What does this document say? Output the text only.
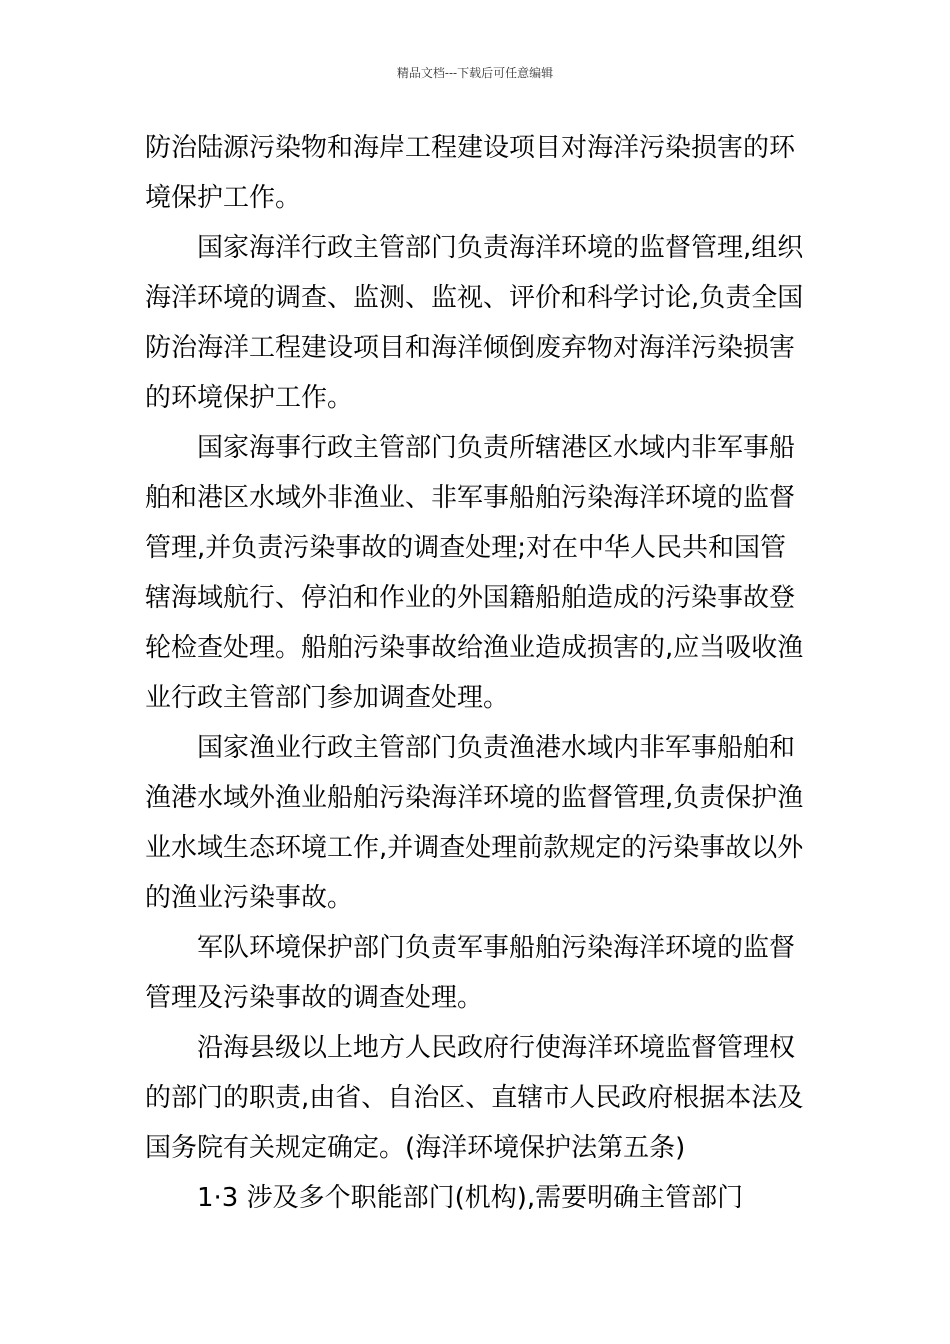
精品文档---下载后可任意编辑
防治陆源污染物和海岸工程建设项目对海洋污染损害的环
境保护工作。
国家海洋行政主管部门负责海洋环境的监督管理,组织
海洋环境的调查、监测、监视、评价和科学讨论,负责全国
防治海洋工程建设项目和海洋倾倒废弃物对海洋污染损害
的环境保护工作。
国家海事行政主管部门负责所辖港区水域内非军事船
舶和港区水域外非渔业、非军事船舶污染海洋环境的监督
管理,并负责污染事故的调查处理;对在中华人民共和国管
辖海域航行、停泊和作业的外国籍船舶造成的污染事故登
轮检查处理。船舶污染事故给渔业造成损害的,应当吸收渔
业行政主管部门参加调查处理。
国家渔业行政主管部门负责渔港水域内非军事船舶和
渔港水域外渔业船舶污染海洋环境的监督管理,负责保护渔
业水域生态环境工作,并调查处理前款规定的污染事故以外
的渔业污染事故。
军队环境保护部门负责军事船舶污染海洋环境的监督
管理及污染事故的调查处理。
沿海县级以上地方人民政府行使海洋环境监督管理权
的部门的职责,由省、自治区、直辖市人民政府根据本法及
国务院有关规定确定。(海洋环境保护法第五条)
1·3 涉及多个职能部门(机构),需要明确主管部门
